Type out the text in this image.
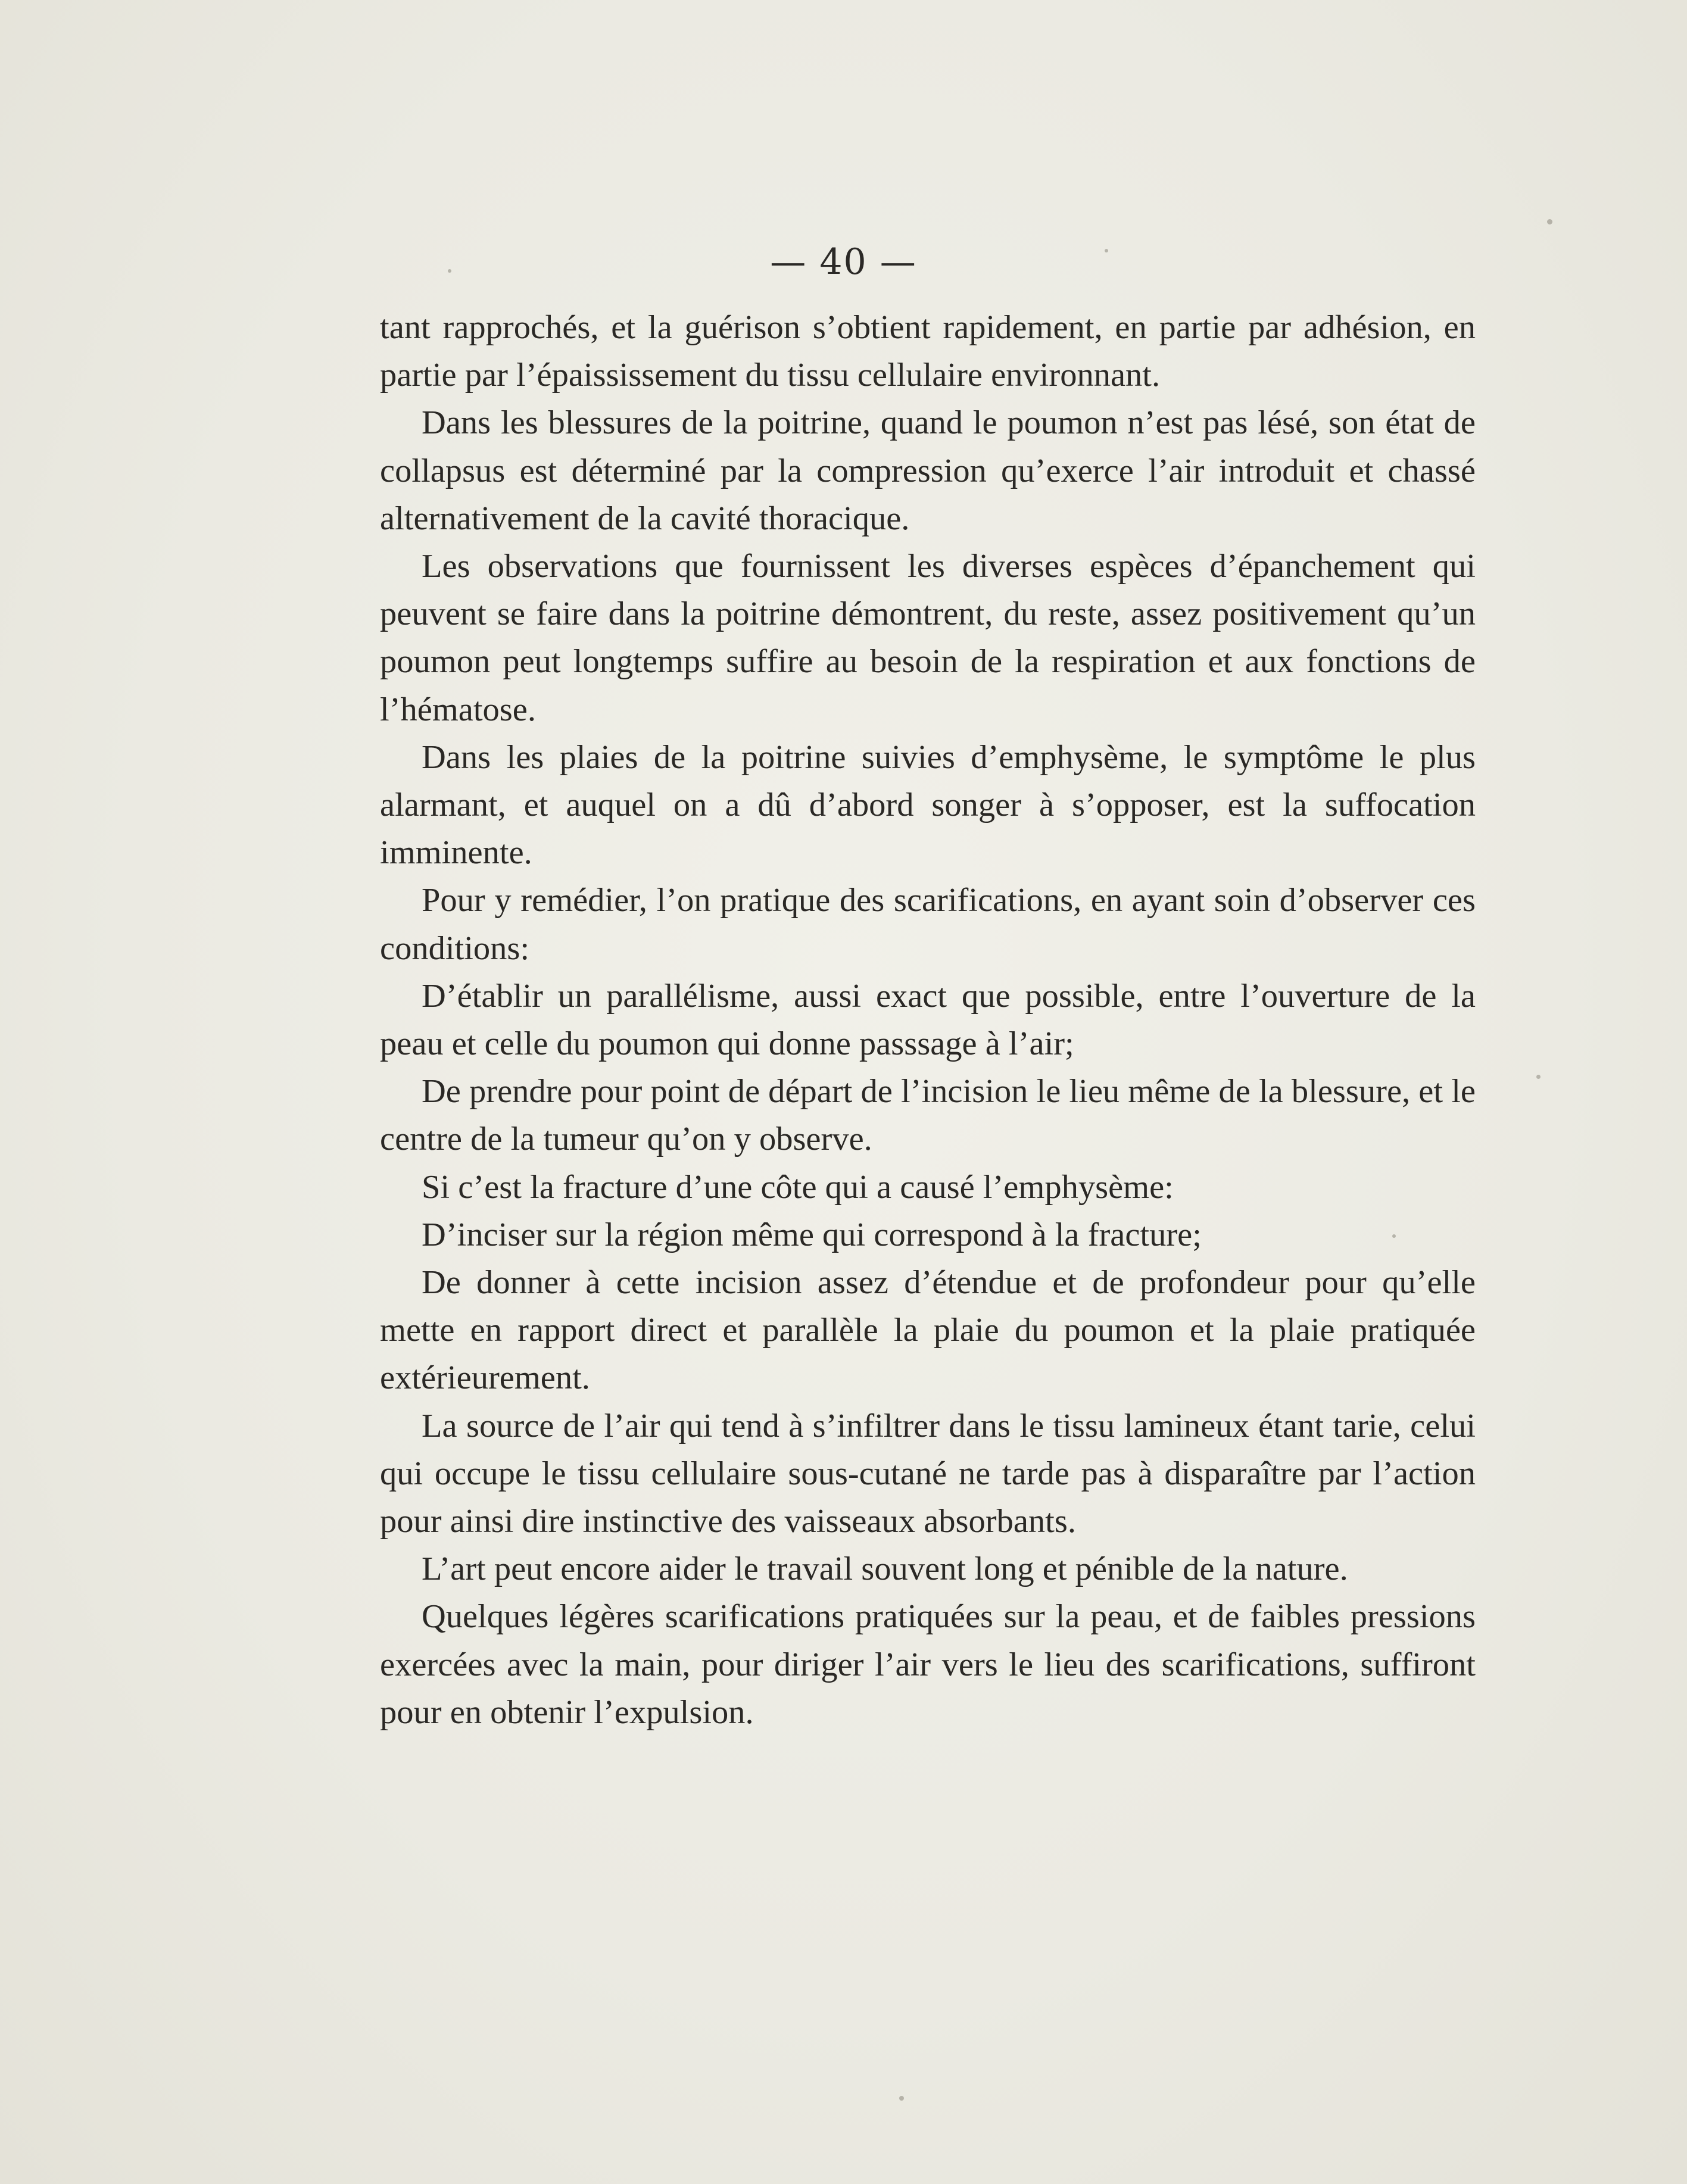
— 40 —

tant rapprochés, et la guérison s’obtient rapidement, en partie par adhésion, en partie par l’épaississement du tissu cellulaire environnant.

Dans les blessures de la poitrine, quand le poumon n’est pas lésé, son état de collapsus est déterminé par la compression qu’exerce l’air introduit et chassé alternativement de la cavité thoracique.

Les observations que fournissent les diverses espèces d’épanchement qui peuvent se faire dans la poitrine démontrent, du reste, assez positivement qu’un poumon peut longtemps suffire au besoin de la respiration et aux fonctions de l’hématose.

Dans les plaies de la poitrine suivies d’emphysème, le symptôme le plus alarmant, et auquel on a dû d’abord songer à s’opposer, est la suffocation imminente.

Pour y remédier, l’on pratique des scarifications, en ayant soin d’observer ces conditions:

D’établir un parallélisme, aussi exact que possible, entre l’ouverture de la peau et celle du poumon qui donne passsage à l’air;

De prendre pour point de départ de l’incision le lieu même de la blessure, et le centre de la tumeur qu’on y observe.

Si c’est la fracture d’une côte qui a causé l’emphysème:

D’inciser sur la région même qui correspond à la fracture;

De donner à cette incision assez d’étendue et de profondeur pour qu’elle mette en rapport direct et parallèle la plaie du poumon et la plaie pratiquée extérieurement.

La source de l’air qui tend à s’infiltrer dans le tissu lamineux étant tarie, celui qui occupe le tissu cellulaire sous-cutané ne tarde pas à disparaître par l’action pour ainsi dire instinctive des vaisseaux absorbants.

L’art peut encore aider le travail souvent long et pénible de la nature.

Quelques légères scarifications pratiquées sur la peau, et de faibles pressions exercées avec la main, pour diriger l’air vers le lieu des scarifications, suffiront pour en obtenir l’expulsion.
